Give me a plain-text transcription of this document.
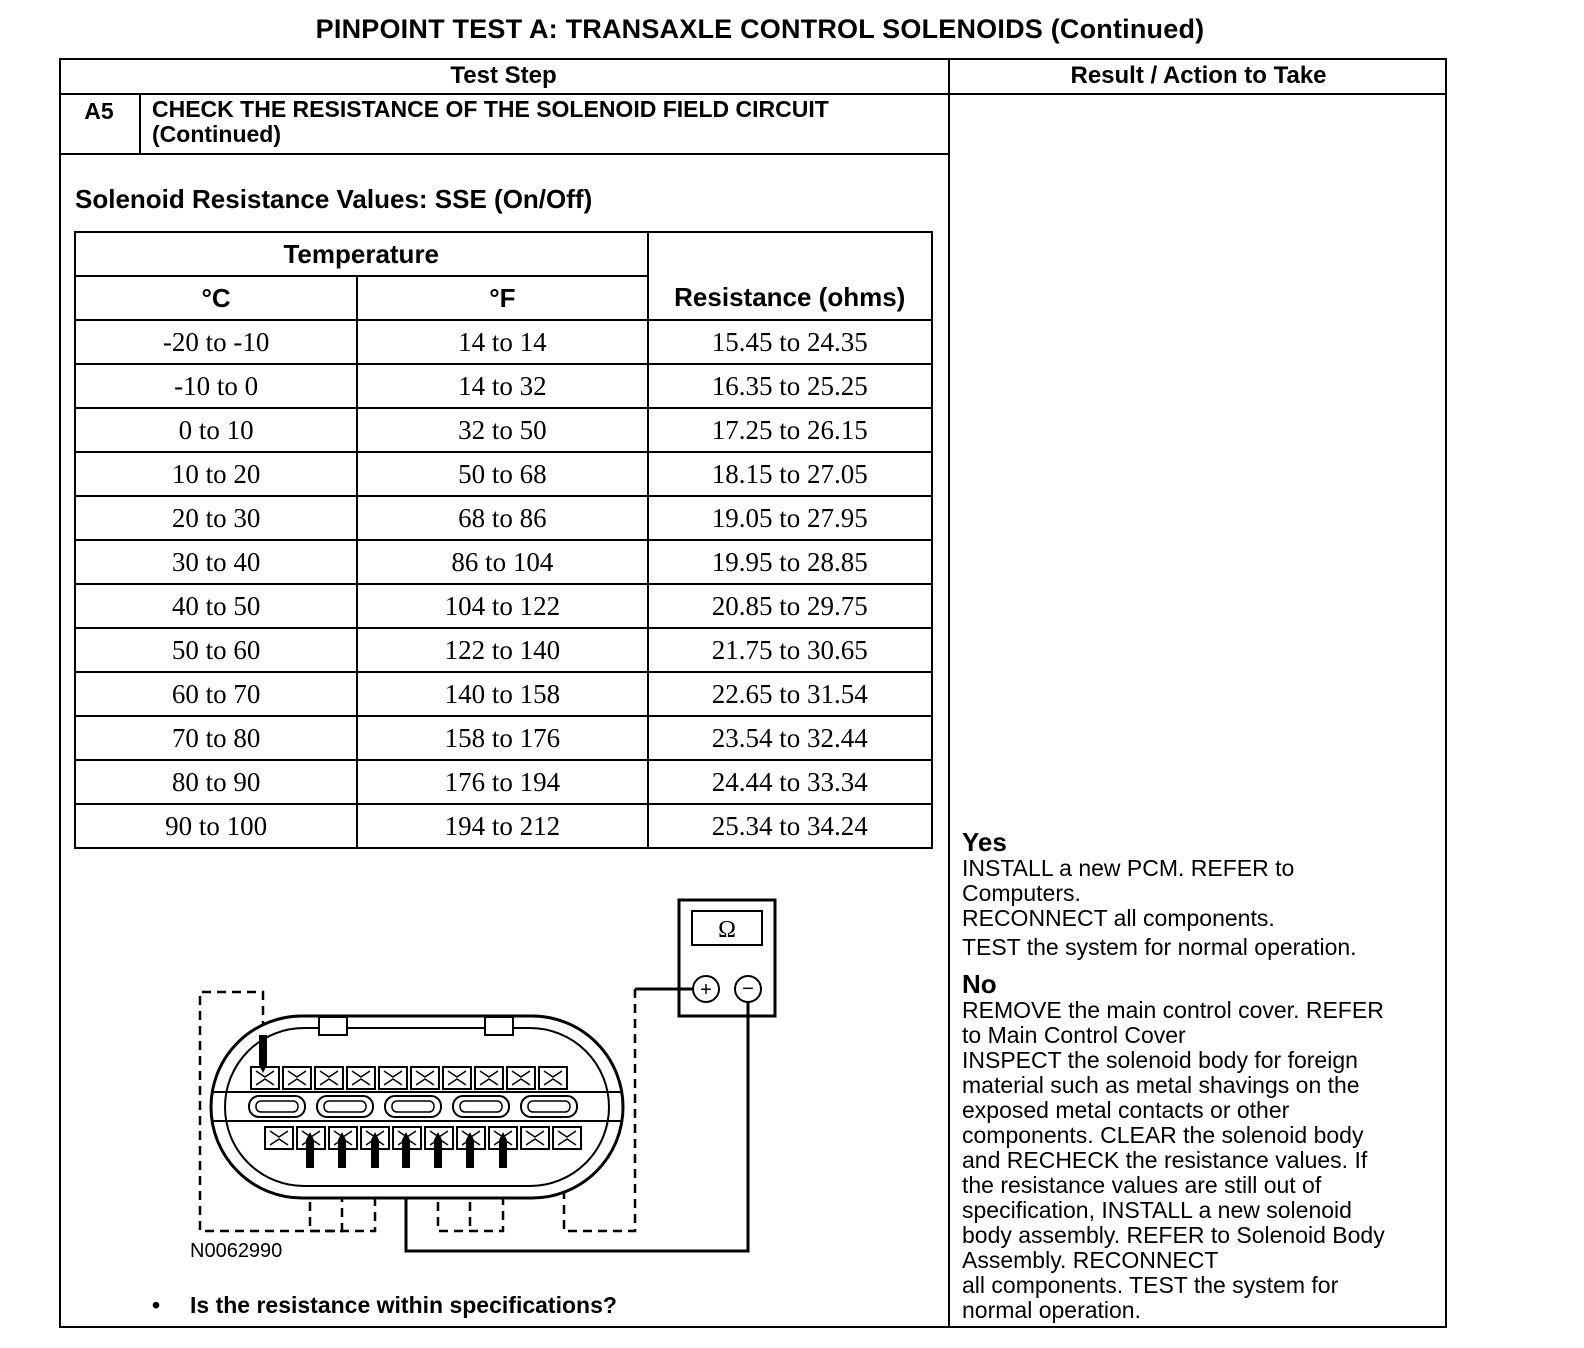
PINPOINT TEST A: TRANSAXLE CONTROL SOLENOIDS (Continued)
Test Step	Result / Action to Take
A5	CHECK THE RESISTANCE OF THE SOLENOID FIELD CIRCUIT
(Continued)
Solenoid Resistance Values: SSE (On/Off)
Temperature		Resistance (ohms)
°C	°F	
-20 to -10	14 to 14	15.45 to 24.35
-10 to 0	14 to 32	16.35 to 25.25
0 to 10	32 to 50	17.25 to 26.15
10 to 20	50 to 68	18.15 to 27.05
20 to 30	68 to 86	19.05 to 27.95
30 to 40	86 to 104	19.95 to 28.85
40 to 50	104 to 122	20.85 to 29.75
50 to 60	122 to 140	21.75 to 30.65
60 to 70	140 to 158	22.65 to 31.54
70 to 80	158 to 176	23.54 to 32.44
80 to 90	176 to 194	24.44 to 33.34
90 to 100	194 to 212	25.34 to 34.24
Ω
+ −
N0062990
• Is the resistance within specifications?
Yes
INSTALL a new PCM. REFER to
Computers.
RECONNECT all components.
TEST the system for normal operation.
No
REMOVE the main control cover. REFER
to Main Control Cover
INSPECT the solenoid body for foreign
material such as metal shavings on the
exposed metal contacts or other
components. CLEAR the solenoid body
and RECHECK the resistance values. If
the resistance values are still out of
specification, INSTALL a new solenoid
body assembly. REFER to Solenoid Body
Assembly. RECONNECT
all components. TEST the system for
normal operation.
